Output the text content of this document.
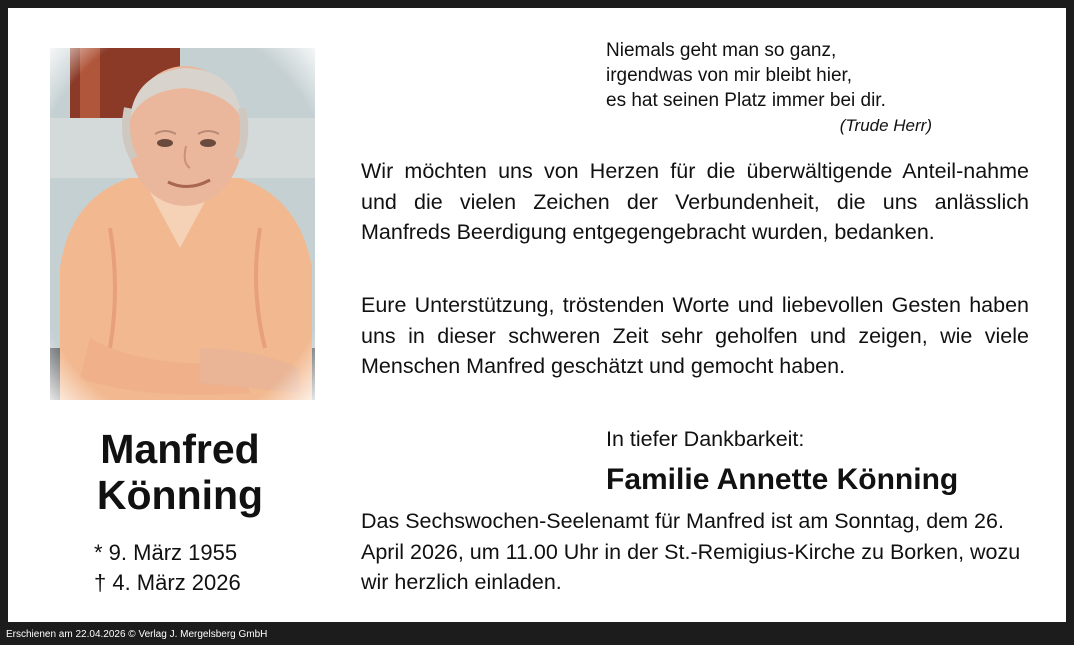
Manfred
Könning
* 9. März 1955
† 4. März 2026
Niemals geht man so ganz,
irgendwas von mir bleibt hier,
es hat seinen Platz immer bei dir.
(Trude Herr)

Wir möchten uns von Herzen für die überwältigende Anteil-nahme und die vielen Zeichen der Verbundenheit, die uns anlässlich Manfreds Beerdigung entgegengebracht wurden, bedanken.

Eure Unterstützung, tröstenden Worte und liebevollen Gesten haben uns in dieser schweren Zeit sehr geholfen und zeigen, wie viele Menschen Manfred geschätzt und gemocht haben.

In tiefer Dankbarkeit:
Familie Annette Könning

Das Sechswochen-Seelenamt für Manfred ist am Sonntag, dem 26. April 2026, um 11.00 Uhr in der St.-Remigius-Kirche zu Borken, wozu wir herzlich einladen.

Erschienen am 22.04.2026 © Verlag J. Mergelsberg GmbH
